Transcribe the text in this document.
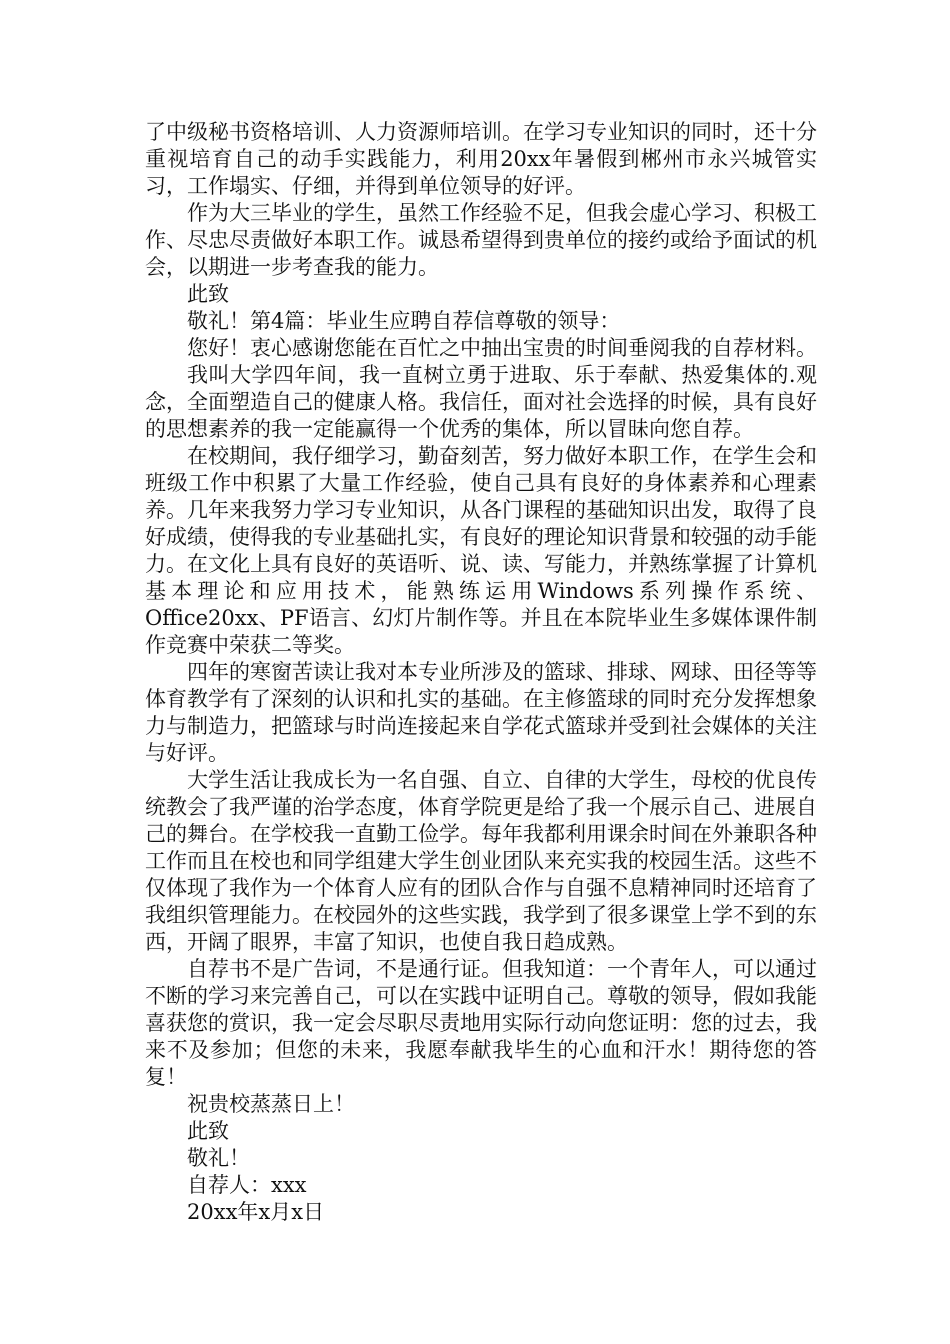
了中级秘书资格培训、人力资源师培训。在学习专业知识的同时，还十分重视培育自己的动手实践能力，利用20xx年暑假到郴州市永兴城管实习，工作塌实、仔细，并得到单位领导的好评。

作为大三毕业的学生，虽然工作经验不足，但我会虚心学习、积极工作、尽忠尽责做好本职工作。诚恳希望得到贵单位的接约或给予面试的机会，以期进一步考查我的能力。

此致

敬礼！第4篇：毕业生应聘自荐信尊敬的领导：

您好！衷心感谢您能在百忙之中抽出宝贵的时间垂阅我的自荐材料。

我叫大学四年间，我一直树立勇于进取、乐于奉献、热爱集体的.观念，全面塑造自己的健康人格。我信任，面对社会选择的时候，具有良好的思想素养的我一定能赢得一个优秀的集体，所以冒昧向您自荐。

在校期间，我仔细学习，勤奋刻苦，努力做好本职工作，在学生会和班级工作中积累了大量工作经验，使自己具有良好的身体素养和心理素养。几年来我努力学习专业知识，从各门课程的基础知识出发，取得了良好成绩，使得我的专业基础扎实，有良好的理论知识背景和较强的动手能力。在文化上具有良好的英语听、说、读、写能力，并熟练掌握了计算机基本理论和应用技术，能熟练运用Windows系列操作系统、Office20xx、PF语言、幻灯片制作等。并且在本院毕业生多媒体课件制作竞赛中荣获二等奖。

四年的寒窗苦读让我对本专业所涉及的篮球、排球、网球、田径等等体育教学有了深刻的认识和扎实的基础。在主修篮球的同时充分发挥想象力与制造力，把篮球与时尚连接起来自学花式篮球并受到社会媒体的关注与好评。

大学生活让我成长为一名自强、自立、自律的大学生，母校的优良传统教会了我严谨的治学态度，体育学院更是给了我一个展示自己、进展自己的舞台。在学校我一直勤工俭学。每年我都利用课余时间在外兼职各种工作而且在校也和同学组建大学生创业团队来充实我的校园生活。这些不仅体现了我作为一个体育人应有的团队合作与自强不息精神同时还培育了我组织管理能力。在校园外的这些实践，我学到了很多课堂上学不到的东西，开阔了眼界，丰富了知识，也使自我日趋成熟。

自荐书不是广告词，不是通行证。但我知道：一个青年人，可以通过不断的学习来完善自己，可以在实践中证明自己。尊敬的领导，假如我能喜获您的赏识，我一定会尽职尽责地用实际行动向您证明：您的过去，我来不及参加；但您的未来，我愿奉献我毕生的心血和汗水！期待您的答复！

祝贵校蒸蒸日上！

此致

敬礼！

自荐人：xxx

20xx年x月x日
